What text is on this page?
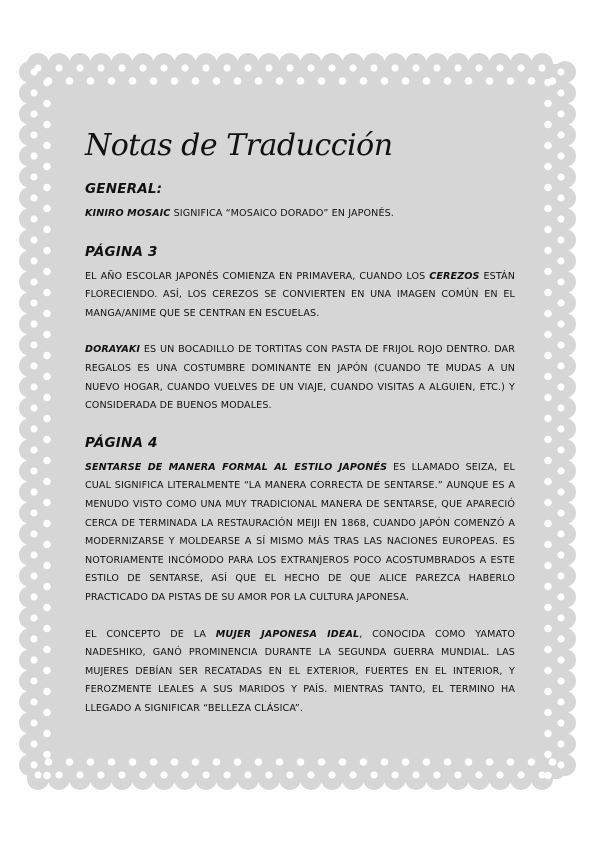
Notas de Traducción
GENERAL:

KINIRO MOSAIC SIGNIFICA “MOSAICO DORADO” EN JAPONÉS.

PÁGINA 3

EL AÑO ESCOLAR JAPONÉS COMIENZA EN PRIMAVERA, CUANDO LOS CEREZOS ESTÁN FLORECIENDO. ASÍ, LOS CEREZOS SE CONVIERTEN EN UNA IMAGEN COMÚN EN EL MANGA/ANIME QUE SE CENTRAN EN ESCUELAS.

DORAYAKI ES UN BOCADILLO DE TORTITAS CON PASTA DE FRIJOL ROJO DENTRO. DAR REGALOS ES UNA COSTUMBRE DOMINANTE EN JAPÓN (CUANDO TE MUDAS A UN NUEVO HOGAR, CUANDO VUELVES DE UN VIAJE, CUANDO VISITAS A ALGUIEN, ETC.) Y CONSIDERADA DE BUENOS MODALES.

PÁGINA 4

SENTARSE DE MANERA FORMAL AL ESTILO JAPONÉS ES LLAMADO SEIZA, EL CUAL SIGNIFICA LITERALMENTE “LA MANERA CORRECTA DE SENTARSE.” AUNQUE ES A MENUDO VISTO COMO UNA MUY TRADICIONAL MANERA DE SENTARSE, QUE APARECIÓ CERCA DE TERMINADA LA RESTAURACIÓN MEIJI EN 1868, CUANDO JAPÓN COMENZÓ A MODERNIZARSE Y MOLDEARSE A SÍ MISMO MÁS TRAS LAS NACIONES EUROPEAS. ES NOTORIAMENTE INCÓMODO PARA LOS EXTRANJEROS POCO ACOSTUMBRADOS A ESTE ESTILO DE SENTARSE, ASÍ QUE EL HECHO DE QUE ALICE PAREZCA HABERLO PRACTICADO DA PISTAS DE SU AMOR POR LA CULTURA JAPONESA.

EL CONCEPTO DE LA MUJER JAPONESA IDEAL, CONOCIDA COMO YAMATO NADESHIKO, GANÓ PROMINENCIA DURANTE LA SEGUNDA GUERRA MUNDIAL. LAS MUJERES DEBÍAN SER RECATADAS EN EL EXTERIOR, FUERTES EN EL INTERIOR, Y FEROZMENTE LEALES A SUS MARIDOS Y PAÍS. MIENTRAS TANTO, EL TERMINO HA LLEGADO A SIGNIFICAR “BELLEZA CLÁSICA”.
